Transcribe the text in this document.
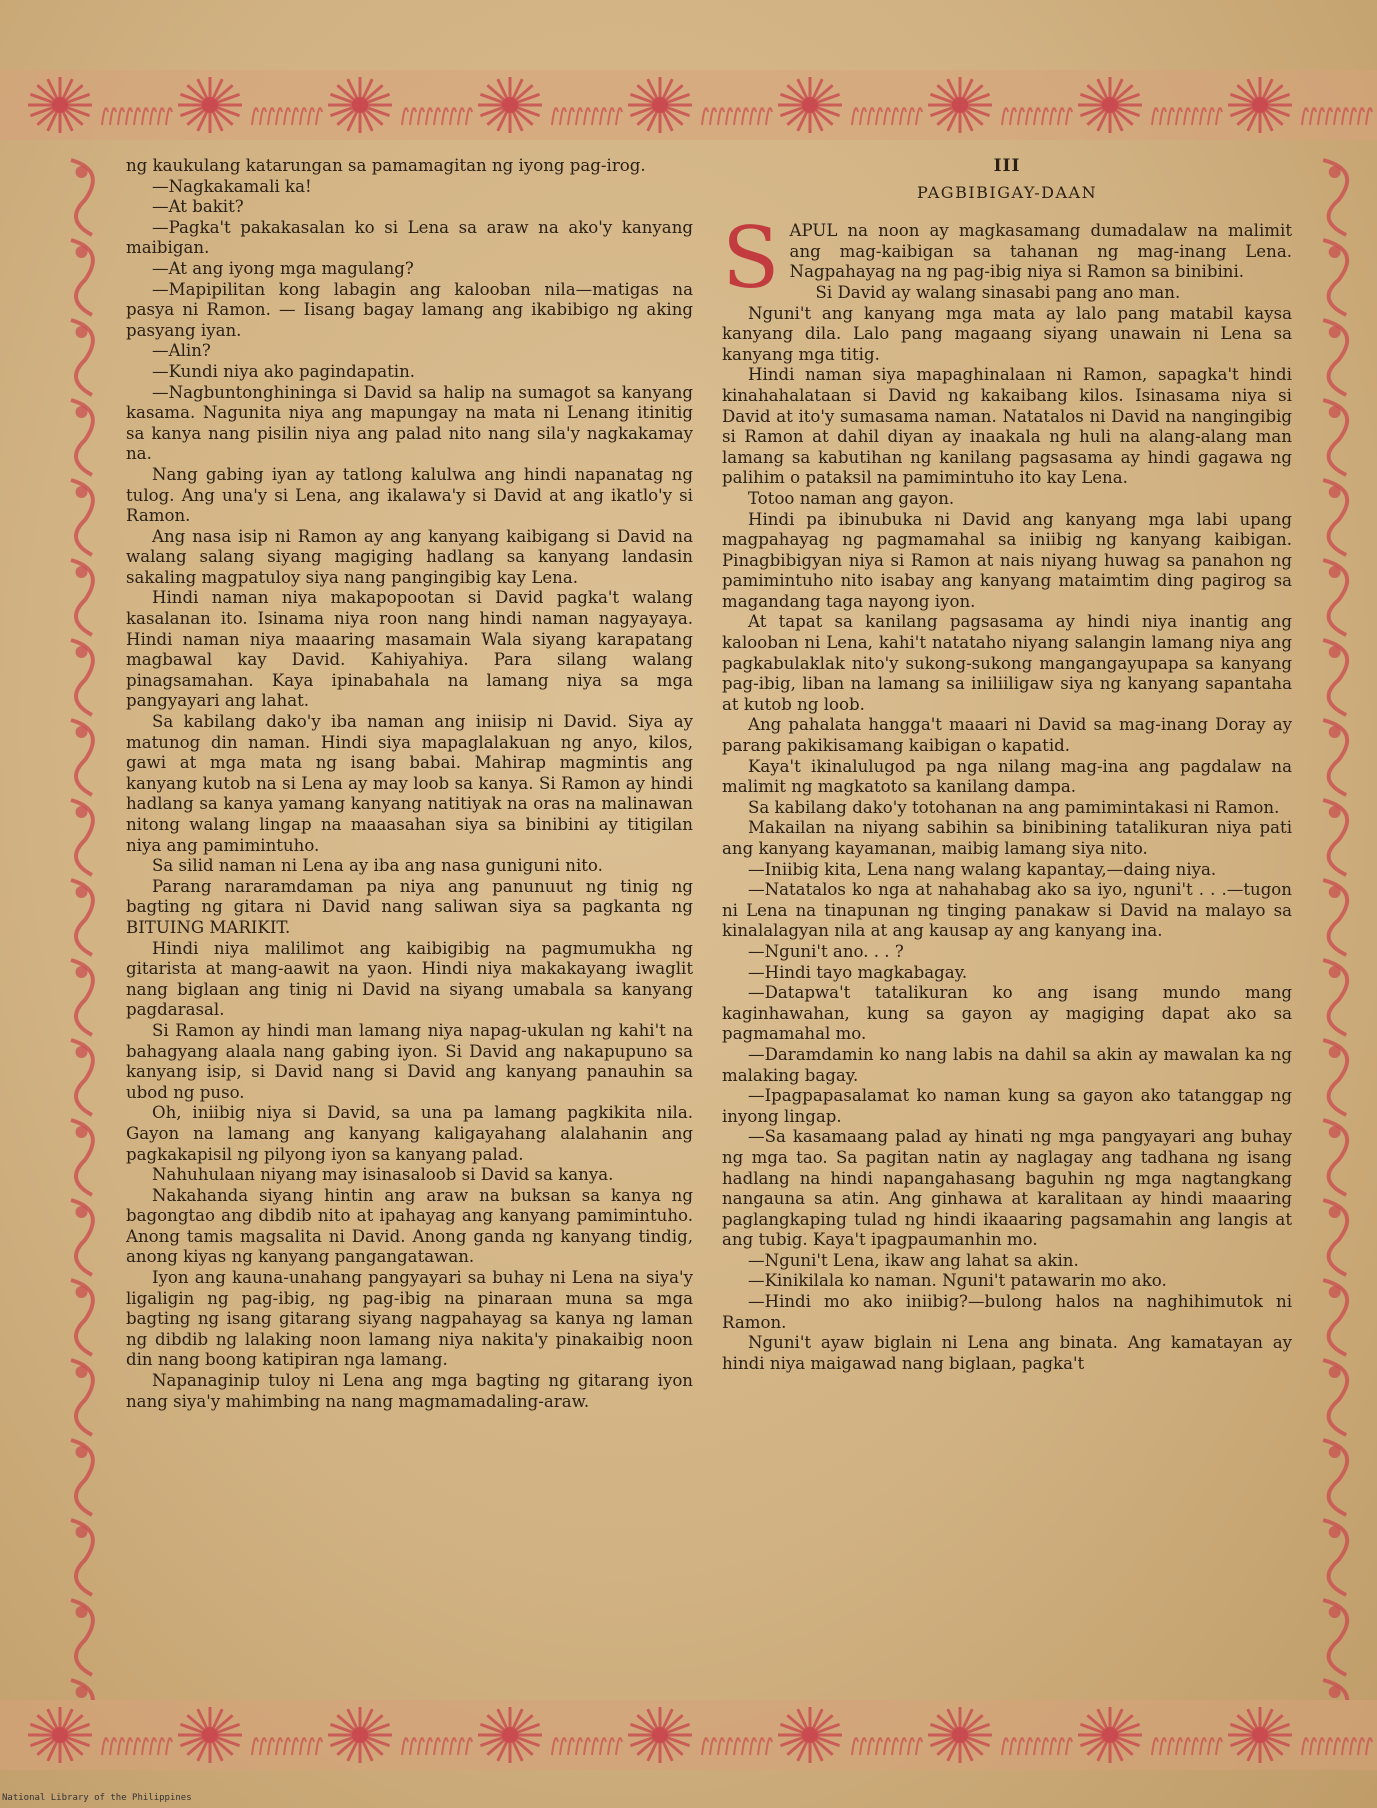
ng kaukulang katarungan sa pamamagitan ng iyong pag-irog.

—Nagkakamali ka!

—At bakit?

—Pagka't pakakasalan ko si Lena sa araw na ako'y kanyang maibigan.

—At ang iyong mga magulang?

—Mapipilitan kong labagin ang kalooban nila—matigas na pasya ni Ramon. — Iisang bagay lamang ang ikabibigo ng aking pasyang iyan.

—Alin?

—Kundi niya ako pagindapatin.

—Nagbuntonghininga si David sa halip na sumagot sa kanyang kasama. Nagunita niya ang mapungay na mata ni Lenang itinitig sa kanya nang pisilin niya ang palad nito nang sila'y nagkakamay na.

Nang gabing iyan ay tatlong kalulwa ang hindi napanatag ng tulog. Ang una'y si Lena, ang ikalawa'y si David at ang ikatlo'y si Ramon.

Ang nasa isip ni Ramon ay ang kanyang kaibigang si David na walang salang siyang magiging hadlang sa kanyang landasin sakaling magpatuloy siya nang pangingibig kay Lena.

Hindi naman niya makapopootan si David pagka't walang kasalanan ito. Isinama niya roon nang hindi naman nagyayaya. Hindi naman niya maaaring masamain Wala siyang karapatang magbawal kay David. Kahiyahiya. Para silang walang pinagsamahan. Kaya ipinabahala na lamang niya sa mga pangyayari ang lahat.

Sa kabilang dako'y iba naman ang iniisip ni David. Siya ay matunog din naman. Hindi siya mapaglalakuan ng anyo, kilos, gawi at mga mata ng isang babai. Mahirap magmintis ang kanyang kutob na si Lena ay may loob sa kanya. Si Ramon ay hindi hadlang sa kanya yamang kanyang natitiyak na oras na malinawan nitong walang lingap na maaasahan siya sa binibini ay titigilan niya ang pamimintuho.

Sa silid naman ni Lena ay iba ang nasa guniguni nito.

Parang nararamdaman pa niya ang panunuut ng tinig ng bagting ng gitara ni David nang saliwan siya sa pagkanta ng BITUING MARIKIT.

Hindi niya malilimot ang kaibigibig na pagmumukha ng gitarista at mang-aawit na yaon. Hindi niya makakayang iwaglit nang biglaan ang tinig ni David na siyang umabala sa kanyang pagdarasal.

Si Ramon ay hindi man lamang niya napag-ukulan ng kahi't na bahagyang alaala nang gabing iyon. Si David ang nakapupuno sa kanyang isip, si David nang si David ang kanyang panauhin sa ubod ng puso.

Oh, iniibig niya si David, sa una pa lamang pagkikita nila. Gayon na lamang ang kanyang kaligayahang alalahanin ang pagkakapisil ng pilyong iyon sa kanyang palad.

Nahuhulaan niyang may isinasaloob si David sa kanya.

Nakahanda siyang hintin ang araw na buksan sa kanya ng bagongtao ang dibdib nito at ipahayag ang kanyang pamimintuho. Anong tamis magsalita ni David. Anong ganda ng kanyang tindig, anong kiyas ng kanyang pangangatawan.

Iyon ang kauna-unahang pangyayari sa buhay ni Lena na siya'y ligaligin ng pag-ibig, ng pag-ibig na pinaraan muna sa mga bagting ng isang gitarang siyang nagpahayag sa kanya ng laman ng dibdib ng lalaking noon lamang niya nakita'y pinakaibig noon din nang boong katipiran nga lamang.

Napanaginip tuloy ni Lena ang mga bagting ng gitarang iyon nang siya'y mahimbing na nang magmamadaling-araw.

III
PAGBIBIGAY-DAAN

SAPUL na noon ay magkasamang dumadalaw na malimit ang mag-kaibigan sa tahanan ng mag-inang Lena. Nagpahayag na ng pag-ibig niya si Ramon sa binibini.

Si David ay walang sinasabi pang ano man.

Nguni't ang kanyang mga mata ay lalo pang matabil kaysa kanyang dila. Lalo pang magaang siyang unawain ni Lena sa kanyang mga titig.

Hindi naman siya mapaghinalaan ni Ramon, sapagka't hindi kinahahalataan si David ng kakaibang kilos. Isinasama niya si David at ito'y sumasama naman. Natatalos ni David na nangingibig si Ramon at dahil diyan ay inaakala ng huli na alang-alang man lamang sa kabutihan ng kanilang pagsasama ay hindi gagawa ng palihim o pataksil na pamimintuho ito kay Lena.

Totoo naman ang gayon.

Hindi pa ibinubuka ni David ang kanyang mga labi upang magpahayag ng pagmamahal sa iniibig ng kanyang kaibigan. Pinagbibigyan niya si Ramon at nais niyang huwag sa panahon ng pamimintuho nito isabay ang kanyang mataimtim ding pagirog sa magandang taga nayong iyon.

At tapat sa kanilang pagsasama ay hindi niya inantig ang kalooban ni Lena, kahi't natataho niyang salangin lamang niya ang pagkabulaklak nito'y sukong-sukong mangangayupapa sa kanyang pag-ibig, liban na lamang sa iniliiligaw siya ng kanyang sapantaha at kutob ng loob.

Ang pahalata hangga't maaari ni David sa mag-inang Doray ay parang pakikisamang kaibigan o kapatid.

Kaya't ikinalulugod pa nga nilang mag-ina ang pagdalaw na malimit ng magkatoto sa kanilang dampa.

Sa kabilang dako'y totohanan na ang pamimintakasi ni Ramon.

Makailan na niyang sabihin sa binibining tatalikuran niya pati ang kanyang kayamanan, maibig lamang siya nito.

—Iniibig kita, Lena nang walang kapantay,—daing niya.

—Natatalos ko nga at nahahabag ako sa iyo, nguni't . . .—tugon ni Lena na tinapunan ng tinging panakaw si David na malayo sa kinalalagyan nila at ang kausap ay ang kanyang ina.

—Nguni't ano. . . ?

—Hindi tayo magkabagay.

—Datapwa't tatalikuran ko ang isang mundo mang kaginhawahan, kung sa gayon ay magiging dapat ako sa pagmamahal mo.

—Daramdamin ko nang labis na dahil sa akin ay mawalan ka ng malaking bagay.

—Ipagpapasalamat ko naman kung sa gayon ako tatanggap ng inyong lingap.

—Sa kasamaang palad ay hinati ng mga pangyayari ang buhay ng mga tao. Sa pagitan natin ay naglagay ang tadhana ng isang hadlang na hindi napangahasang baguhin ng mga nagtangkang nangauna sa atin. Ang ginhawa at karalitaan ay hindi maaaring paglangkaping tulad ng hindi ikaaaring pagsamahin ang langis at ang tubig. Kaya't ipagpaumanhin mo.

—Nguni't Lena, ikaw ang lahat sa akin.

—Kinikilala ko naman. Nguni't patawarin mo ako.

—Hindi mo ako iniibig?—bulong halos na naghihimutok ni Ramon.

Nguni't ayaw biglain ni Lena ang binata. Ang kamatayan ay hindi niya maigawad nang biglaan, pagka't

National Library of the Philippines
